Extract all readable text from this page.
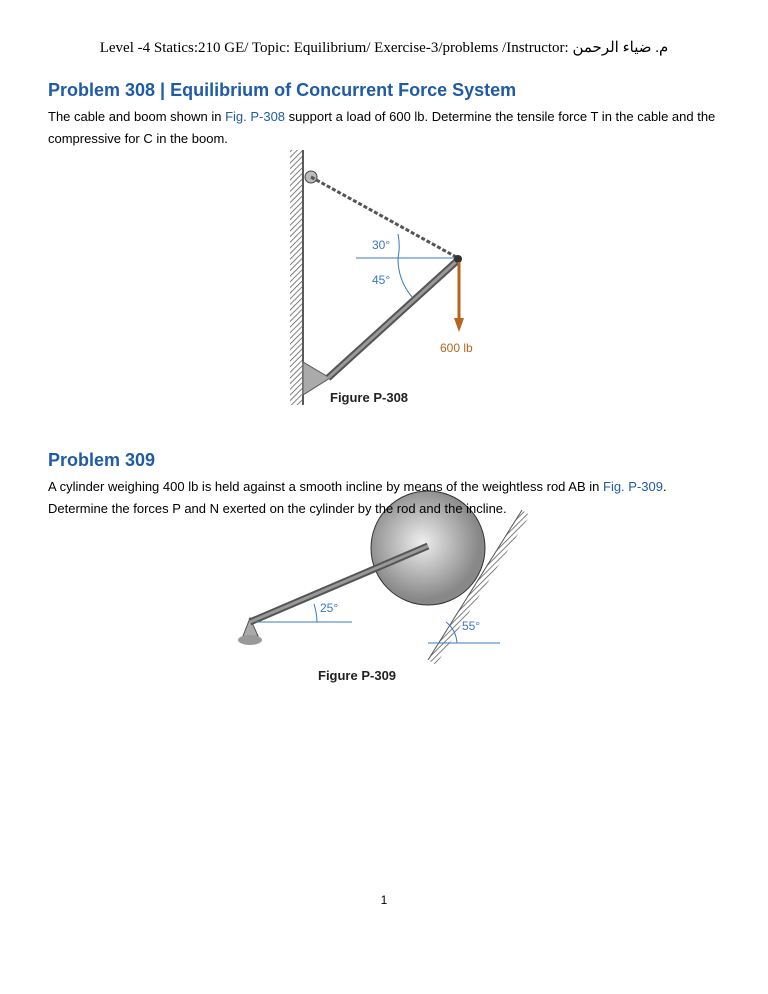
Level -4 Statics:210 GE/ Topic: Equilibrium/ Exercise-3/problems /Instructor: م. ضياء الرحمن
Problem 308 | Equilibrium of Concurrent Force System
The cable and boom shown in Fig. P-308 support a load of 600 lb. Determine the tensile force T in the cable and the compressive for C in the boom.
30°
45°
600 lb
Figure P-308
25°
55°
Figure P-309
Problem 309
A cylinder weighing 400 lb is held against a smooth incline by means of the weightless rod AB in Fig. P-309. Determine the forces P and N exerted on the cylinder by the rod and the incline.
1
